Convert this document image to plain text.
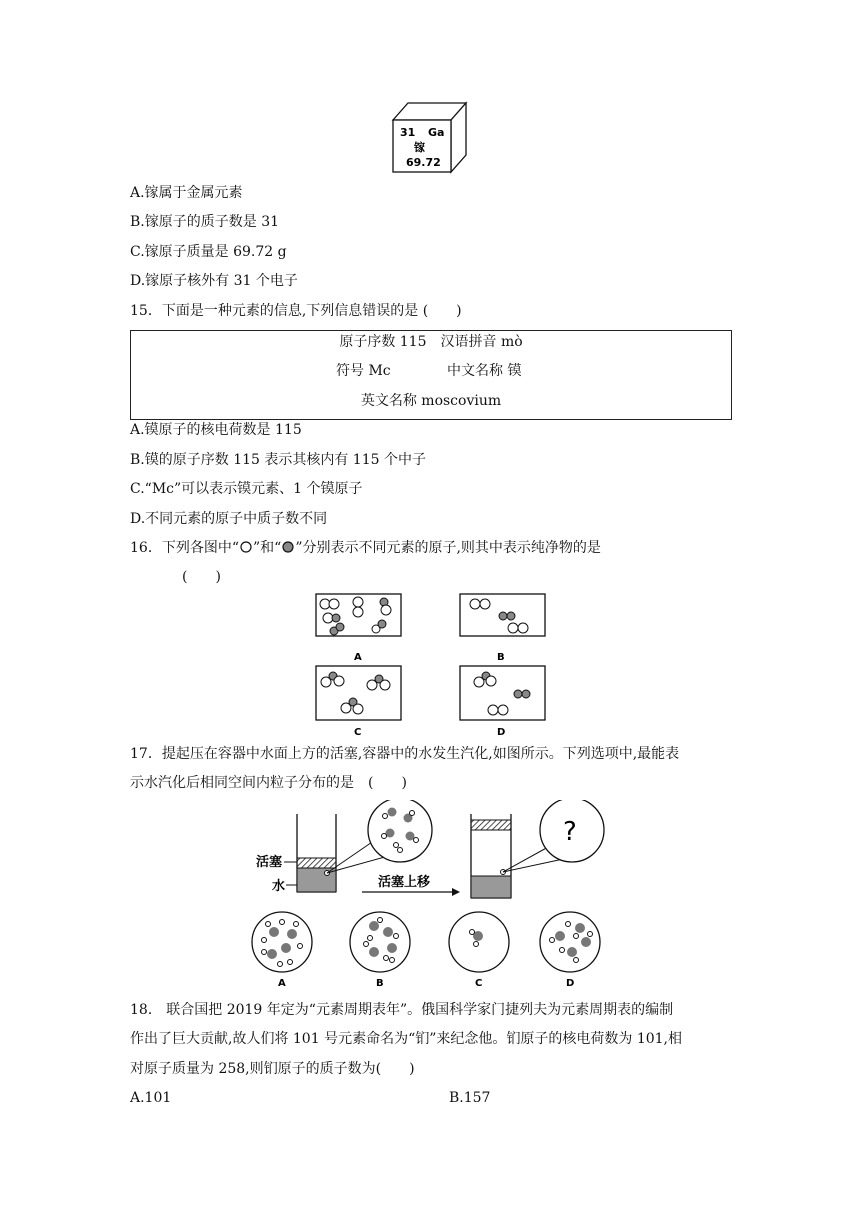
31 Ga
镓
69.72
A.镓属于金属元素
B.镓原子的质子数是 31
C.镓原子质量是 69.72 g
D.镓原子核外有 31 个电子
15．下面是一种元素的信息,下列信息错误的是 (　　)
原子序数 115　汉语拼音 mò
符号 Mc	中文名称 镆
英文名称 moscovium
A.镆原子的核电荷数是 115
B.镆的原子序数 115 表示其核内有 115 个中子
C.“Mc”可以表示镆元素、1 个镆原子
D.不同元素的原子中质子数不同
16．下列各图中“ ”和“ ”分别表示不同元素的原子,则其中表示纯净物的是
(　　)
A	B
C	D
17．提起压在容器中水面上方的活塞,容器中的水发生汽化,如图所示。下列选项中,最能表
示水汽化后相同空间内粒子分布的是　(　　)
活塞
水	活塞上移
?
A	B	C	D
18． 联合国把 2019 年定为“元素周期表年”。俄国科学家门捷列夫为元素周期表的编制
作出了巨大贡献,故人们将 101 号元素命名为“钔”来纪念他。钔原子的核电荷数为 101,相
对原子质量为 258,则钔原子的质子数为(　　)
A.101	B.157
